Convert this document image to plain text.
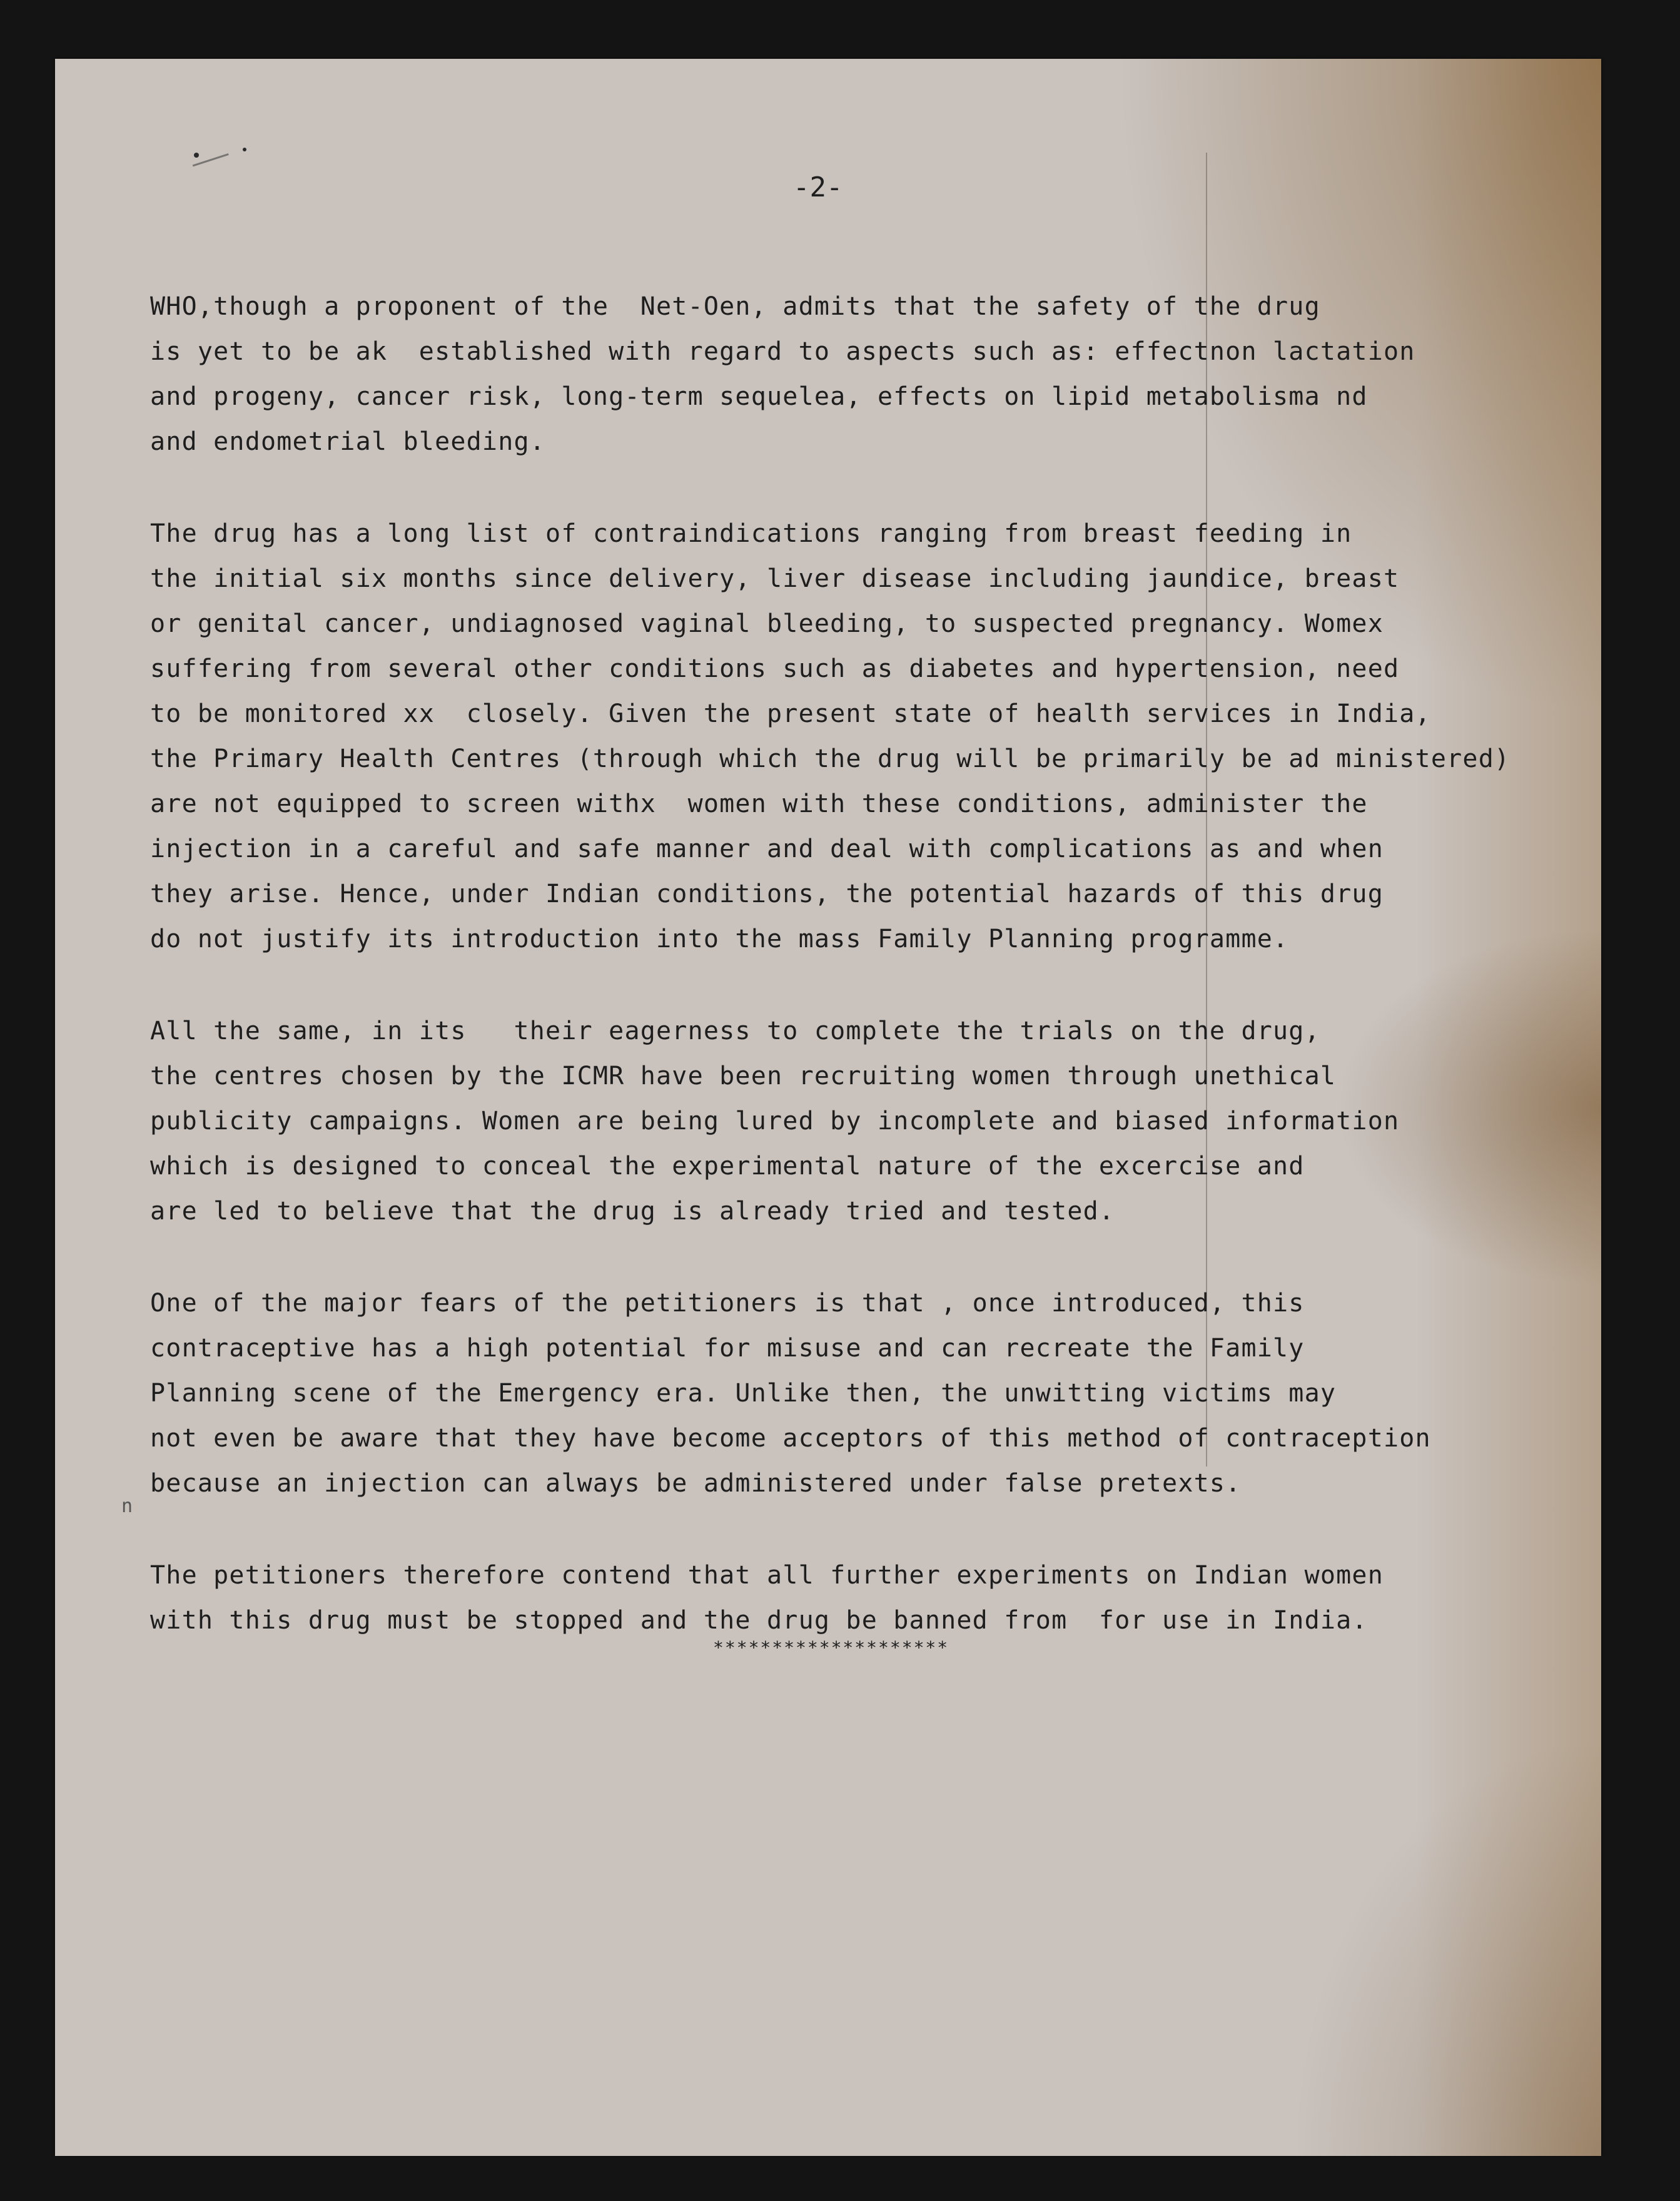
-2-
n
WHO,though a proponent of the  Net-Oen, admits that the safety of the drug
is yet to be ak  established with regard to aspects such as: effectnon lactation
and progeny, cancer risk, long-term sequelea, effects on lipid metabolisma nd
and endometrial bleeding.
The drug has a long list of contraindications ranging from breast feeding in
the initial six months since delivery, liver disease including jaundice, breast
or genital cancer, undiagnosed vaginal bleeding, to suspected pregnancy. Womex
suffering from several other conditions such as diabetes and hypertension, need
to be monitored xx  closely. Given the present state of health services in India,
the Primary Health Centres (through which the drug will be primarily be ad ministered)
are not equipped to screen withx  women with these conditions, administer the
injection in a careful and safe manner and deal with complications as and when
they arise. Hence, under Indian conditions, the potential hazards of this drug
do not justify its introduction into the mass Family Planning programme.
All the same, in its   their eagerness to complete the trials on the drug,
the centres chosen by the ICMR have been recruiting women through unethical
publicity campaigns. Women are being lured by incomplete and biased information
which is designed to conceal the experimental nature of the excercise and
are led to believe that the drug is already tried and tested.
One of the major fears of the petitioners is that , once introduced, this
contraceptive has a high potential for misuse and can recreate the Family
Planning scene of the Emergency era. Unlike then, the unwitting victims may
not even be aware that they have become acceptors of this method of contraception
because an injection can always be administered under false pretexts.
The petitioners therefore contend that all further experiments on Indian women
with this drug must be stopped and the drug be banned from  for use in India.
********************
